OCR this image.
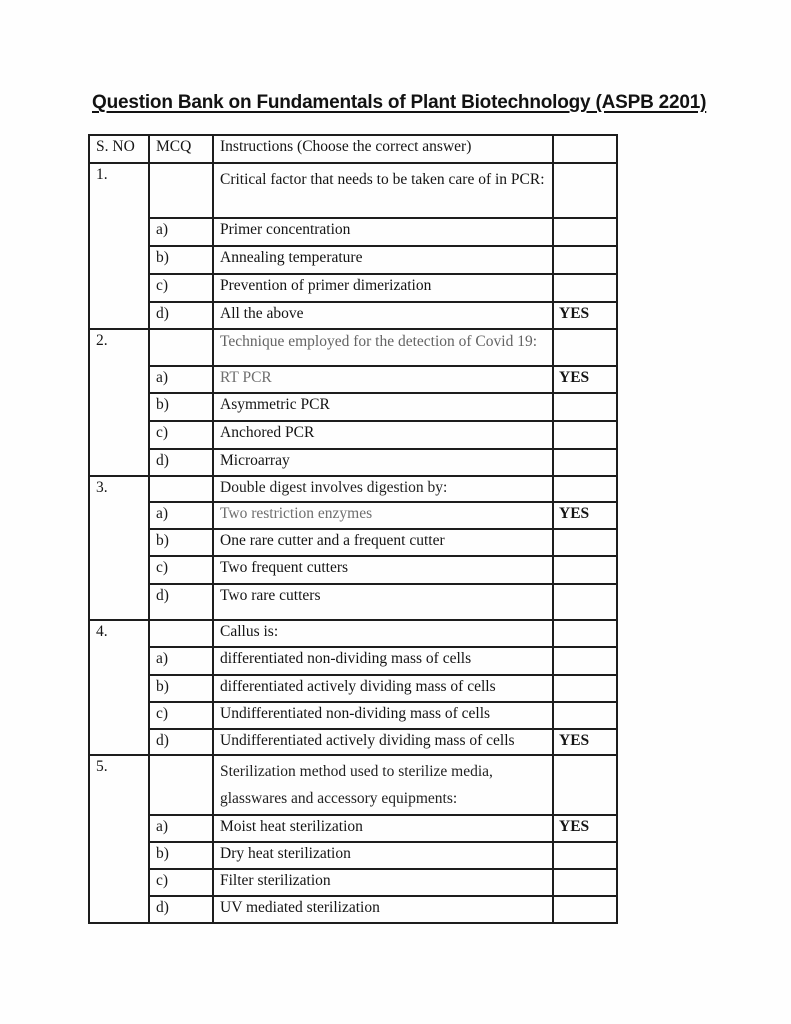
Question Bank on Fundamentals of Plant Biotechnology (ASPB 2201)
S. NO	MCQ	Instructions (Choose the correct answer)	
1.		Critical factor that needs to be taken care of in PCR:	
	a)	Primer concentration	
	b)	Annealing temperature	
	c)	Prevention of primer dimerization	
	d)	All the above	YES
2.		Technique employed for the detection of Covid 19:	
	a)	RT PCR	YES
	b)	Asymmetric PCR	
	c)	Anchored PCR	
	d)	Microarray	
3.		Double digest involves digestion by:	
	a)	Two restriction enzymes	YES
	b)	One rare cutter and a frequent cutter	
	c)	Two frequent cutters	
	d)	Two rare cutters	
4.		Callus is:	
	a)	differentiated non-dividing mass of cells	
	b)	differentiated actively dividing mass of cells	
	c)	Undifferentiated non-dividing mass of cells	
	d)	Undifferentiated actively dividing mass of cells	YES
5.		Sterilization method used to sterilize media, glasswares and accessory equipments:	
	a)	Moist heat sterilization	YES
	b)	Dry heat sterilization	
	c)	Filter sterilization	
	d)	UV mediated sterilization	
